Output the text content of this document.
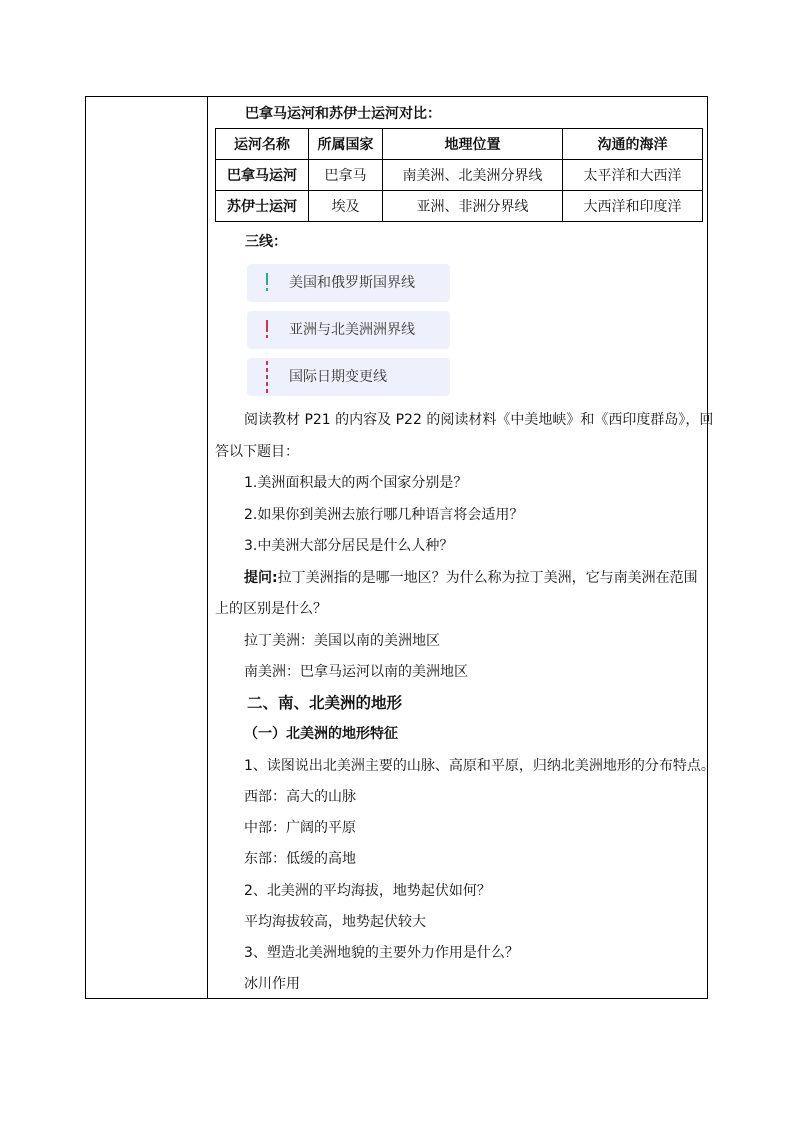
巴拿马运河和苏伊士运河对比：
运河名称	所属国家	地理位置	沟通的海洋
巴拿马运河	巴拿马	南美洲、北美洲分界线	太平洋和大西洋
苏伊士运河	埃及	亚洲、非洲分界线	大西洋和印度洋
三线：
美国和俄罗斯国界线
亚洲与北美洲洲界线
国际日期变更线
阅读教材 P21 的内容及 P22 的阅读材料《中美地峡》和《西印度群岛》，回
答以下题目：
1.美洲面积最大的两个国家分别是？
2.如果你到美洲去旅行哪几种语言将会适用？
3.中美洲大部分居民是什么人种？
提问:拉丁美洲指的是哪一地区？为什么称为拉丁美洲，它与南美洲在范围
上的区别是什么？
拉丁美洲：美国以南的美洲地区
南美洲：巴拿马运河以南的美洲地区
二、南、北美洲的地形
（一）北美洲的地形特征
1、读图说出北美洲主要的山脉、高原和平原，归纳北美洲地形的分布特点。
西部：高大的山脉
中部：广阔的平原
东部：低缓的高地
2、北美洲的平均海拔，地势起伏如何？
平均海拔较高，地势起伏较大
3、塑造北美洲地貌的主要外力作用是什么？
冰川作用
